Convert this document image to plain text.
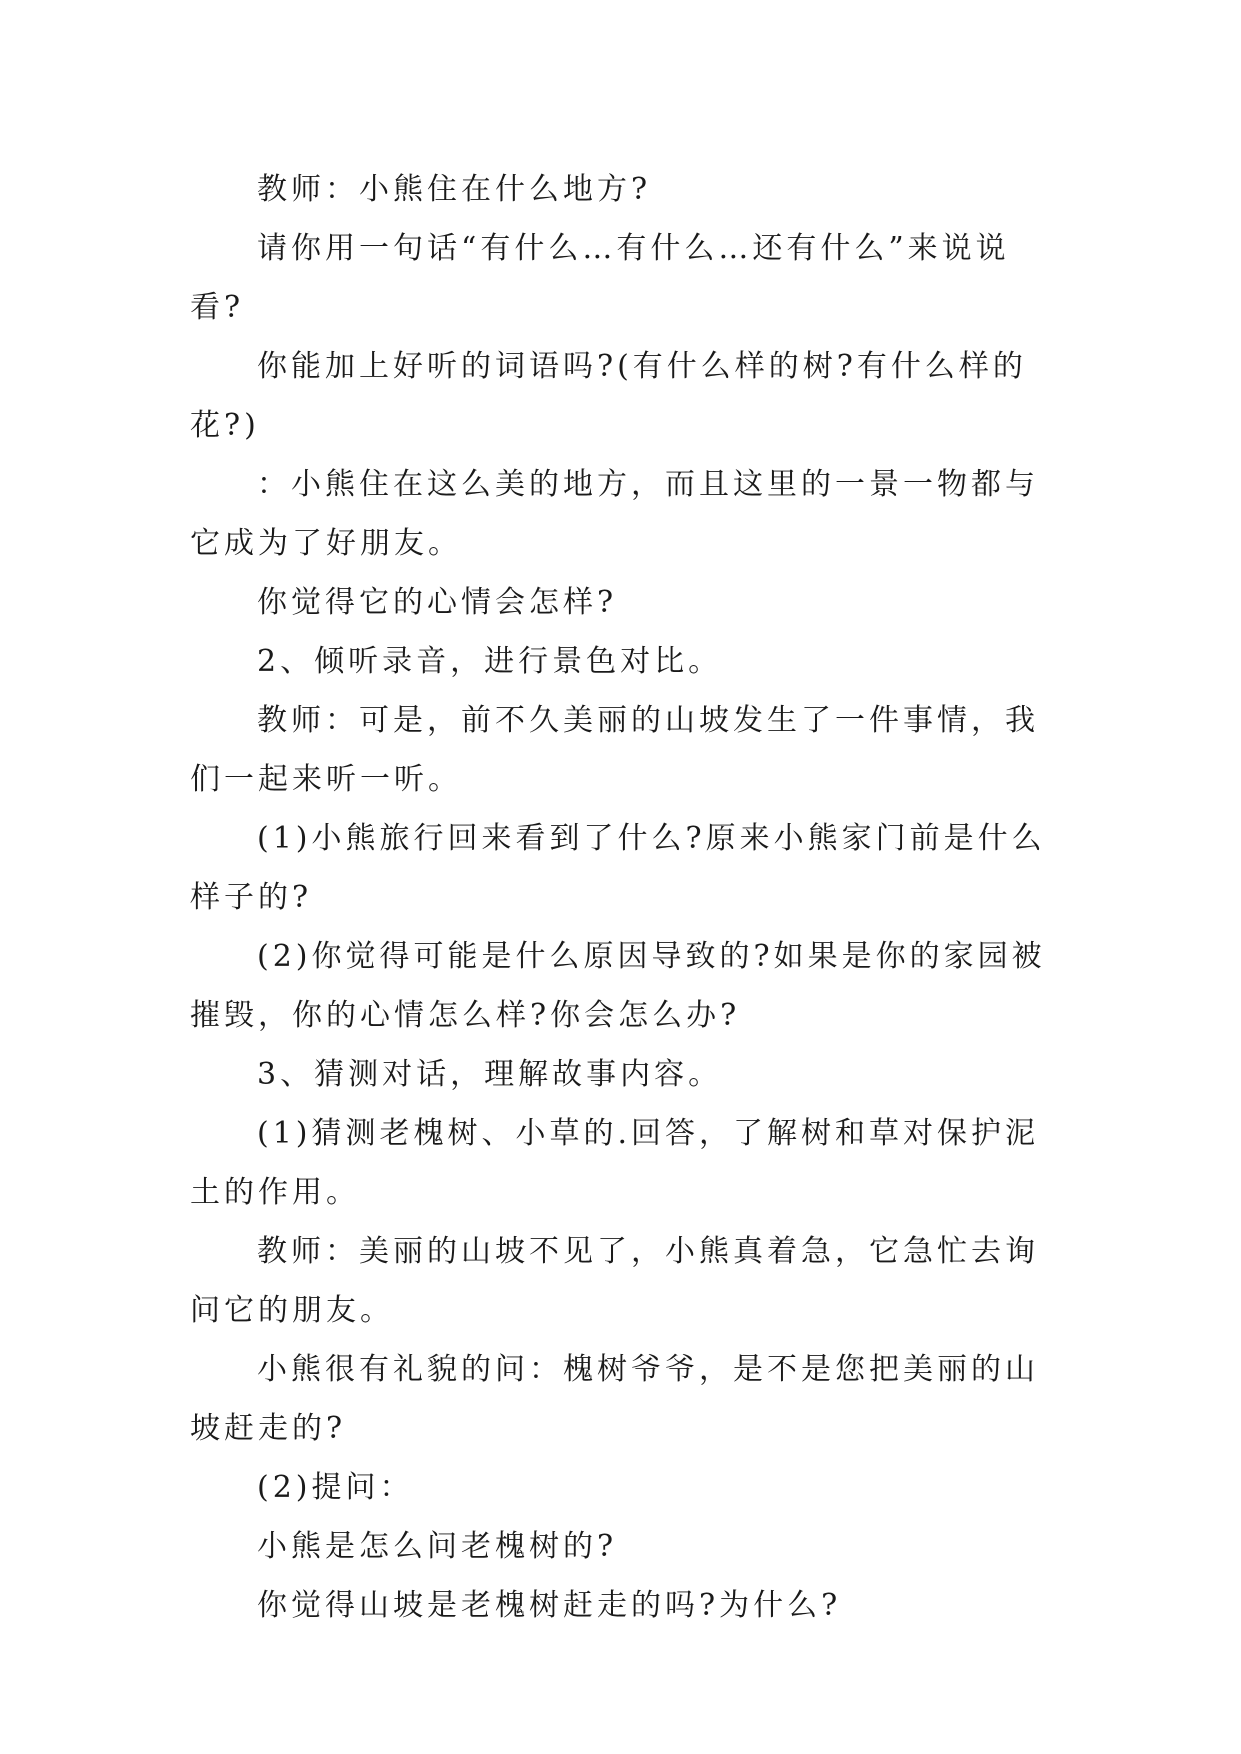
教师：小熊住在什么地方?

请你用一句话“有什么…有什么…还有什么”来说说看?

你能加上好听的词语吗?(有什么样的树?有什么样的花?)

：小熊住在这么美的地方，而且这里的一景一物都与它成为了好朋友。

你觉得它的心情会怎样?

2、倾听录音，进行景色对比。

教师：可是，前不久美丽的山坡发生了一件事情，我们一起来听一听。

(1)小熊旅行回来看到了什么?原来小熊家门前是什么样子的?

(2)你觉得可能是什么原因导致的?如果是你的家园被摧毁，你的心情怎么样?你会怎么办?

3、猜测对话，理解故事内容。

(1)猜测老槐树、小草的.回答，了解树和草对保护泥土的作用。

教师：美丽的山坡不见了，小熊真着急，它急忙去询问它的朋友。

小熊很有礼貌的问：槐树爷爷，是不是您把美丽的山坡赶走的?

(2)提问：

小熊是怎么问老槐树的?

你觉得山坡是老槐树赶走的吗?为什么?
